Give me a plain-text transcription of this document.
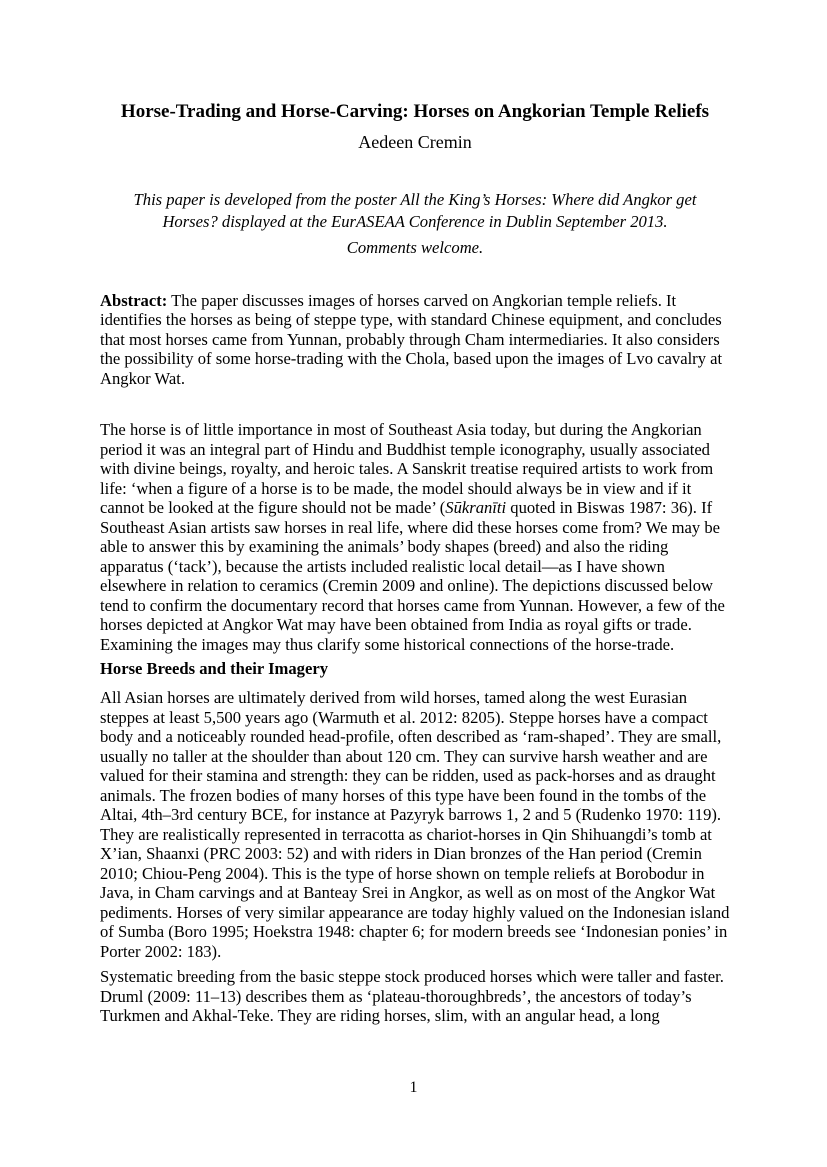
Horse-Trading and Horse-Carving: Horses on Angkorian Temple Reliefs
Aedeen Cremin
This paper is developed from the poster All the King’s Horses: Where did Angkor get Horses? displayed at the EurASEAA Conference in Dublin September 2013.
Comments welcome.

Abstract: The paper discusses images of horses carved on Angkorian temple reliefs. It identifies the horses as being of steppe type, with standard Chinese equipment, and concludes that most horses came from Yunnan, probably through Cham intermediaries. It also considers the possibility of some horse-trading with the Chola, based upon the images of Lvo cavalry at Angkor Wat.

The horse is of little importance in most of Southeast Asia today, but during the Angkorian period it was an integral part of Hindu and Buddhist temple iconography, usually associated with divine beings, royalty, and heroic tales. A Sanskrit treatise required artists to work from life: ‘when a figure of a horse is to be made, the model should always be in view and if it cannot be looked at the figure should not be made’ (Sūkranīti quoted in Biswas 1987: 36). If Southeast Asian artists saw horses in real life, where did these horses come from? We may be able to answer this by examining the animals’ body shapes (breed) and also the riding apparatus (‘tack’), because the artists included realistic local detail—as I have shown elsewhere in relation to ceramics (Cremin 2009 and online). The depictions discussed below tend to confirm the documentary record that horses came from Yunnan. However, a few of the horses depicted at Angkor Wat may have been obtained from India as royal gifts or trade. Examining the images may thus clarify some historical connections of the horse-trade.

Horse Breeds and their Imagery

All Asian horses are ultimately derived from wild horses, tamed along the west Eurasian steppes at least 5,500 years ago (Warmuth et al. 2012: 8205). Steppe horses have a compact body and a noticeably rounded head-profile, often described as ‘ram-shaped’. They are small, usually no taller at the shoulder than about 120 cm. They can survive harsh weather and are valued for their stamina and strength: they can be ridden, used as pack-horses and as draught animals. The frozen bodies of many horses of this type have been found in the tombs of the Altai, 4th–3rd century BCE, for instance at Pazyryk barrows 1, 2 and 5 (Rudenko 1970: 119). They are realistically represented in terracotta as chariot-horses in Qin Shihuangdi’s tomb at X’ian, Shaanxi (PRC 2003: 52) and with riders in Dian bronzes of the Han period (Cremin 2010; Chiou-Peng 2004). This is the type of horse shown on temple reliefs at Borobodur in Java, in Cham carvings and at Banteay Srei in Angkor, as well as on most of the Angkor Wat pediments. Horses of very similar appearance are today highly valued on the Indonesian island of Sumba (Boro 1995; Hoekstra 1948: chapter 6; for modern breeds see ‘Indonesian ponies’ in Porter 2002: 183).

Systematic breeding from the basic steppe stock produced horses which were taller and faster. Druml (2009: 11–13) describes them as ‘plateau-thoroughbreds’, the ancestors of today’s Turkmen and Akhal-Teke. They are riding horses, slim, with an angular head, a long

1
